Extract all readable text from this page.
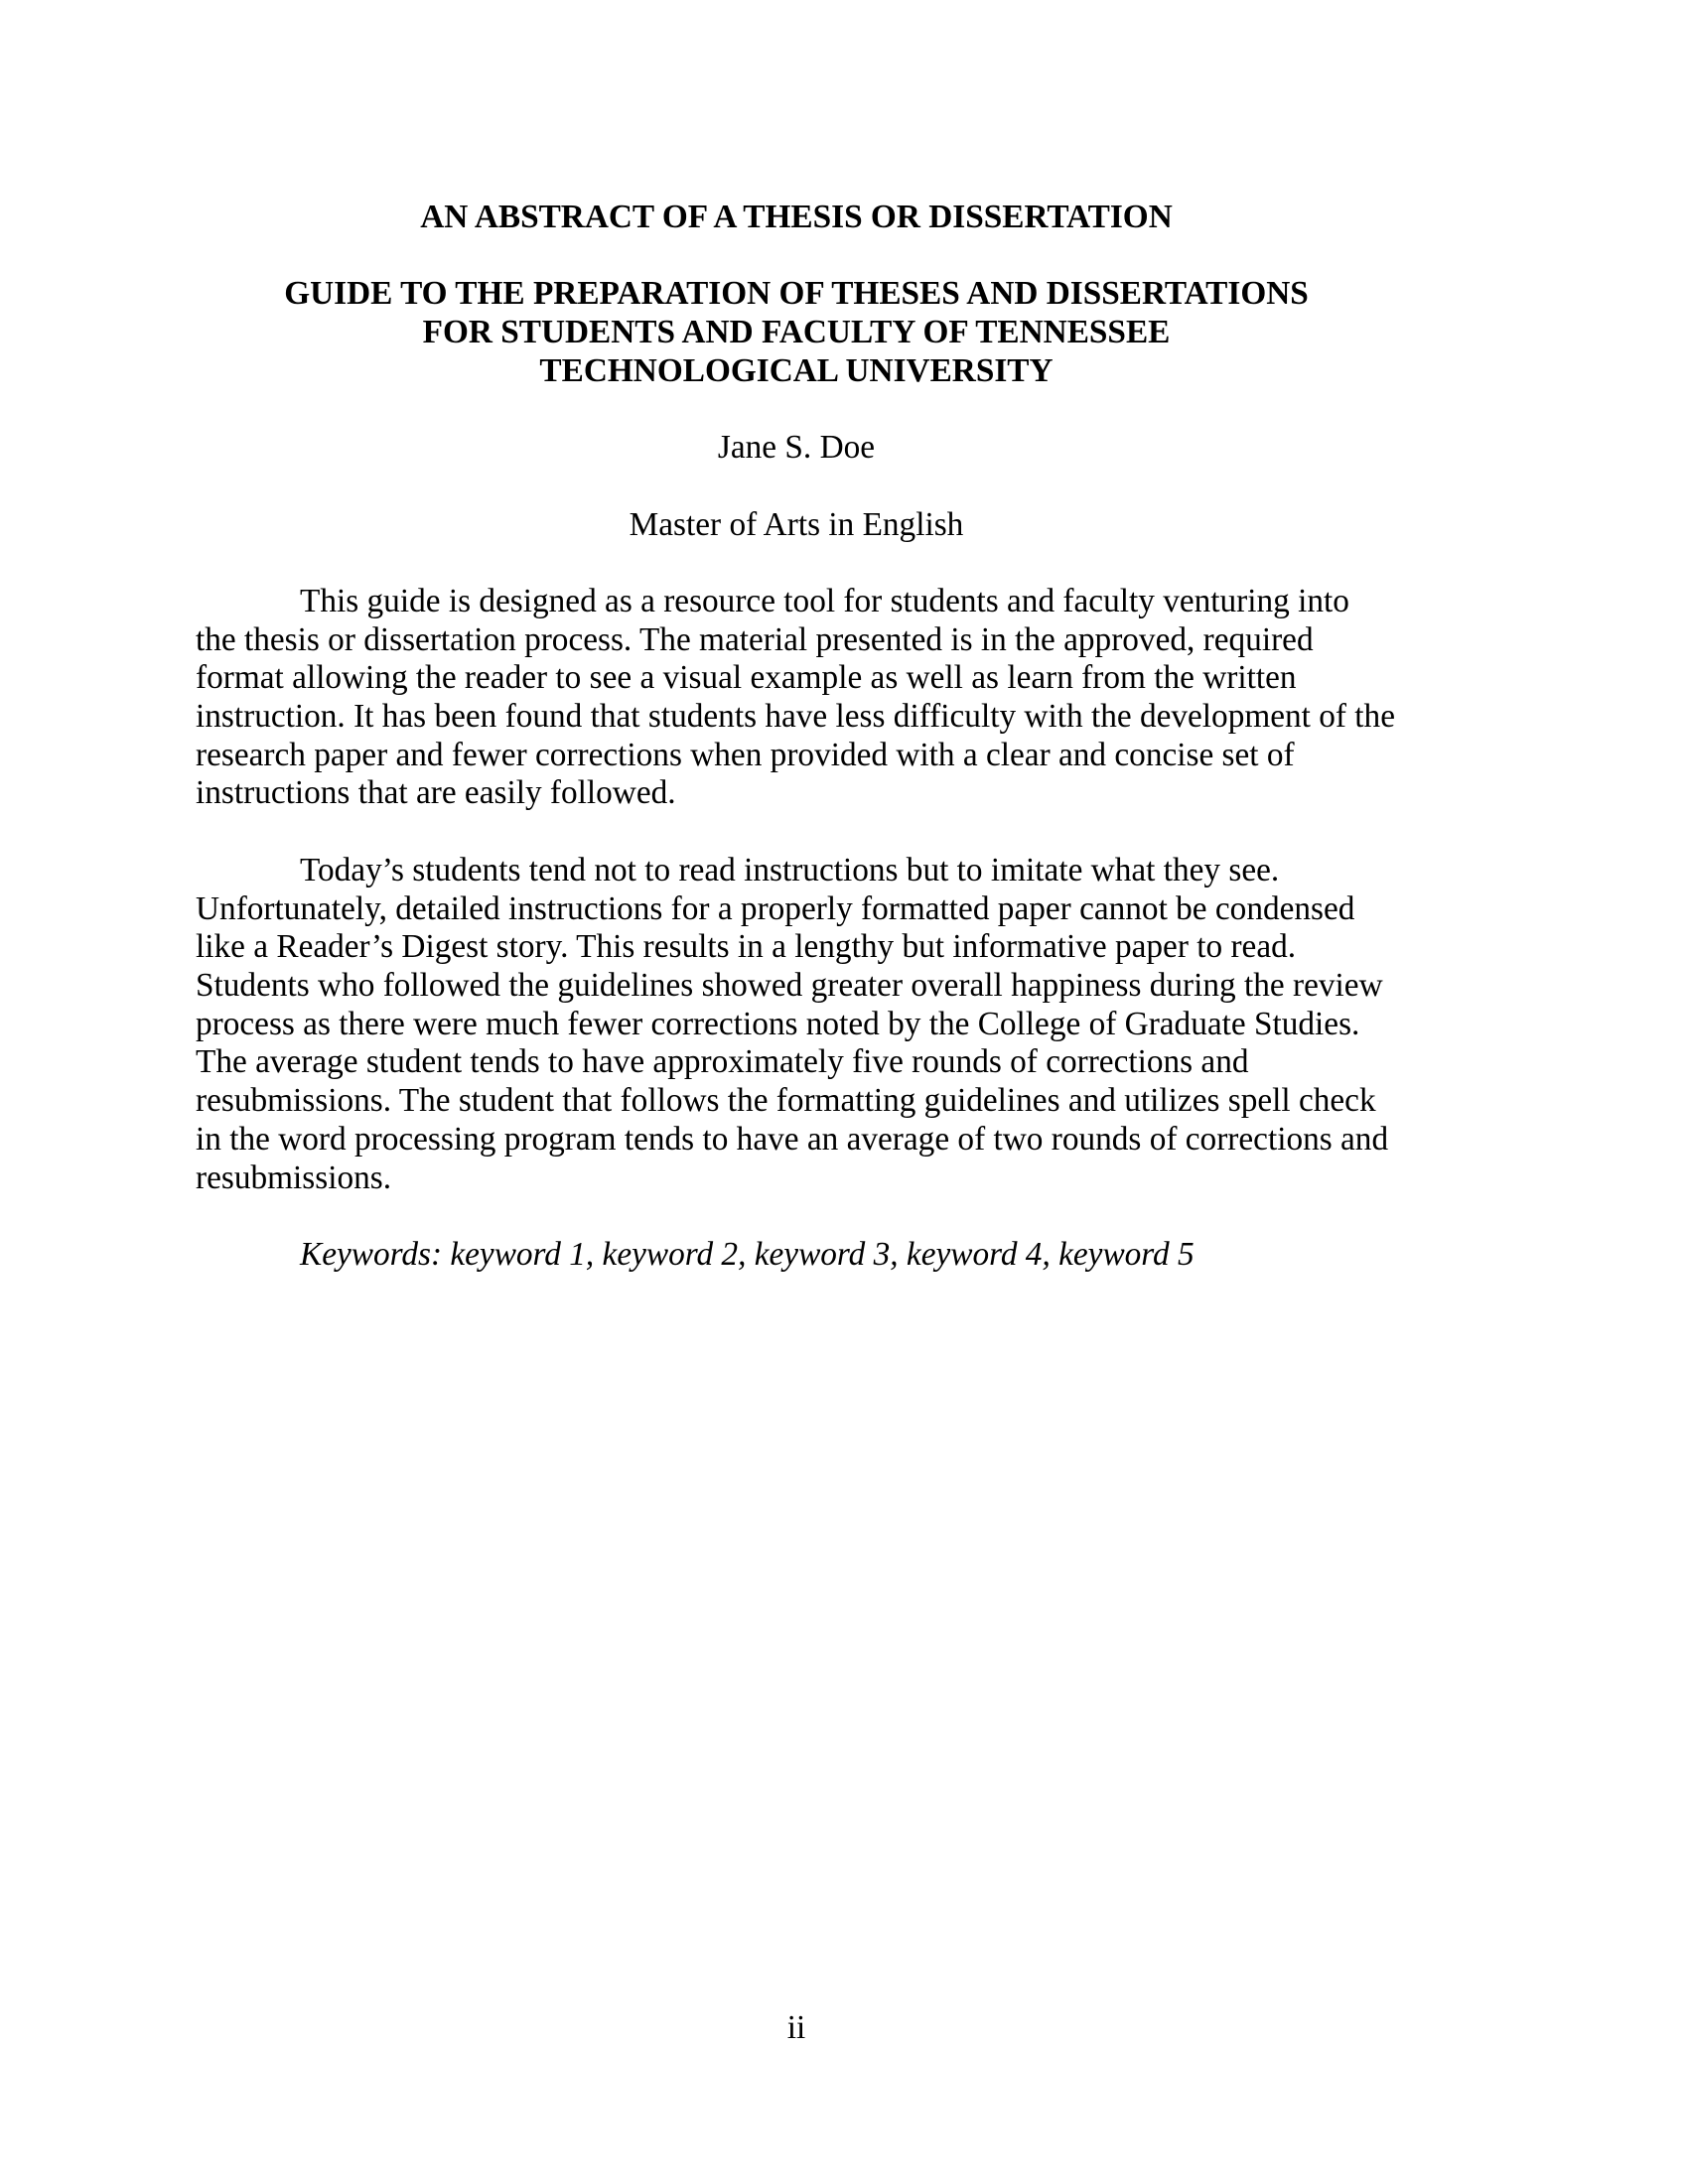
AN ABSTRACT OF A THESIS OR DISSERTATION
GUIDE TO THE PREPARATION OF THESES AND DISSERTATIONS
FOR STUDENTS AND FACULTY OF TENNESSEE
TECHNOLOGICAL UNIVERSITY
Jane S. Doe
Master of Arts in English

This guide is designed as a resource tool for students and faculty venturing into the thesis or dissertation process. The material presented is in the approved, required format allowing the reader to see a visual example as well as learn from the written instruction. It has been found that students have less difficulty with the development of the research paper and fewer corrections when provided with a clear and concise set of instructions that are easily followed.

Today’s students tend not to read instructions but to imitate what they see. Unfortunately, detailed instructions for a properly formatted paper cannot be condensed like a Reader’s Digest story. This results in a lengthy but informative paper to read. Students who followed the guidelines showed greater overall happiness during the review process as there were much fewer corrections noted by the College of Graduate Studies. The average student tends to have approximately five rounds of corrections and resubmissions. The student that follows the formatting guidelines and utilizes spell check in the word processing program tends to have an average of two rounds of corrections and resubmissions.

Keywords: keyword 1, keyword 2, keyword 3, keyword 4, keyword 5
ii
